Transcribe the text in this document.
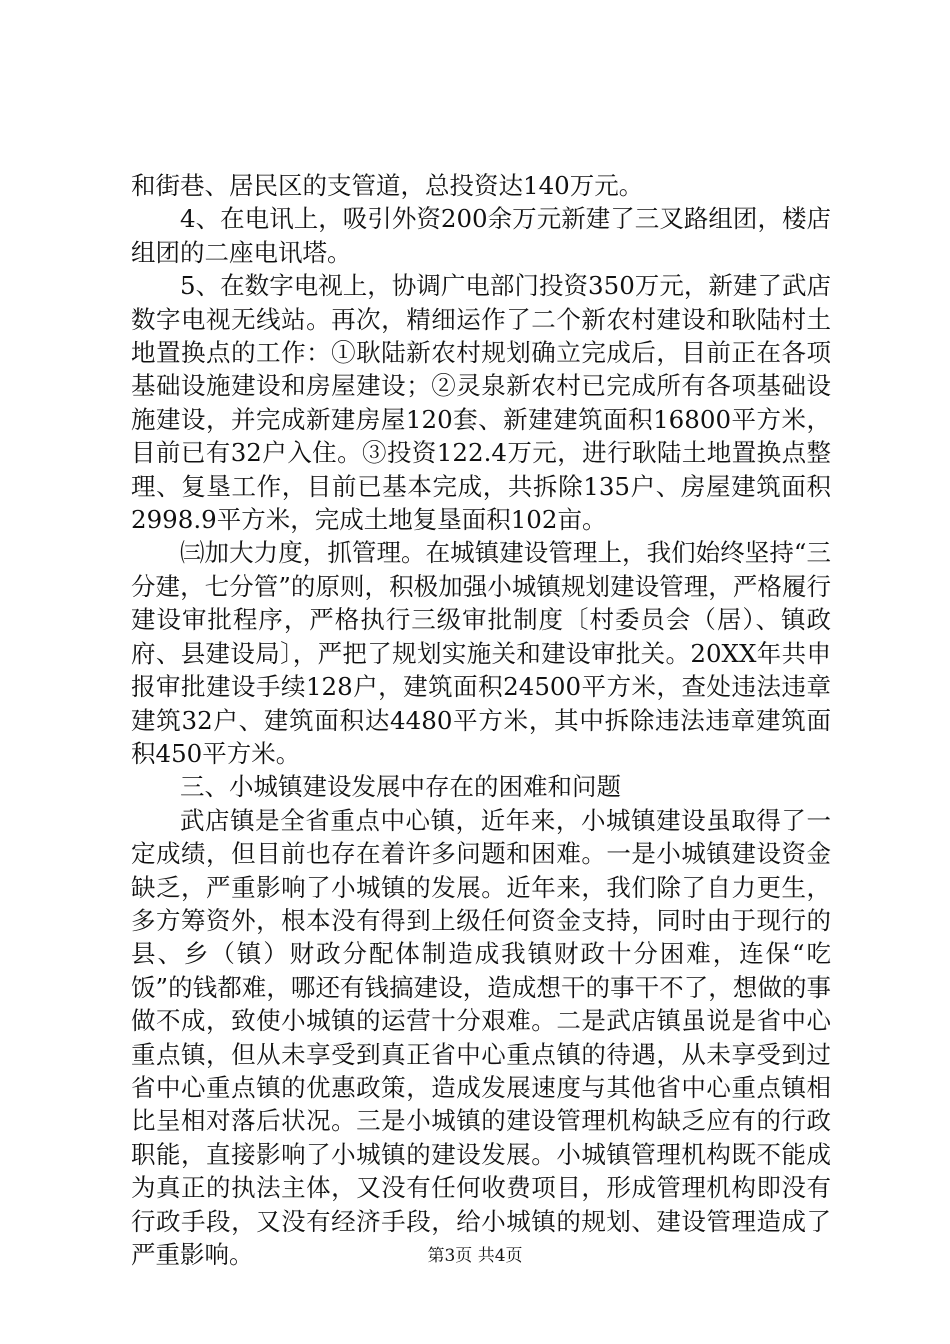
和街巷、居民区的支管道，总投资达140万元。

4、在电讯上，吸引外资200余万元新建了三叉路组团，楼店组团的二座电讯塔。

5、在数字电视上，协调广电部门投资350万元，新建了武店数字电视无线站。再次，精细运作了二个新农村建设和耿陆村土地置换点的工作：①耿陆新农村规划确立完成后，目前正在各项基础设施建设和房屋建设；②灵泉新农村已完成所有各项基础设施建设，并完成新建房屋120套、新建建筑面积16800平方米，目前已有32户入住。③投资122.4万元，进行耿陆土地置换点整理、复垦工作，目前已基本完成，共拆除135户、房屋建筑面积2998.9平方米，完成土地复垦面积102亩。

㈢加大力度，抓管理。在城镇建设管理上，我们始终坚持“三分建，七分管”的原则，积极加强小城镇规划建设管理，严格履行建设审批程序，严格执行三级审批制度〔村委员会（居）、镇政府、县建设局〕，严把了规划实施关和建设审批关。20XX年共申报审批建设手续128户，建筑面积24500平方米，查处违法违章建筑32户、建筑面积达4480平方米，其中拆除违法违章建筑面积450平方米。

三、小城镇建设发展中存在的困难和问题

武店镇是全省重点中心镇，近年来，小城镇建设虽取得了一定成绩，但目前也存在着许多问题和困难。一是小城镇建设资金缺乏，严重影响了小城镇的发展。近年来，我们除了自力更生，多方筹资外，根本没有得到上级任何资金支持，同时由于现行的县、乡（镇）财政分配体制造成我镇财政十分困难，连保“吃饭”的钱都难，哪还有钱搞建设，造成想干的事干不了，想做的事做不成，致使小城镇的运营十分艰难。二是武店镇虽说是省中心重点镇，但从未享受到真正省中心重点镇的待遇，从未享受到过省中心重点镇的优惠政策，造成发展速度与其他省中心重点镇相比呈相对落后状况。三是小城镇的建设管理机构缺乏应有的行政职能，直接影响了小城镇的建设发展。小城镇管理机构既不能成为真正的执法主体，又没有任何收费项目，形成管理机构即没有行政手段，又没有经济手段，给小城镇的规划、建设管理造成了严重影响。	第3页 共4页
